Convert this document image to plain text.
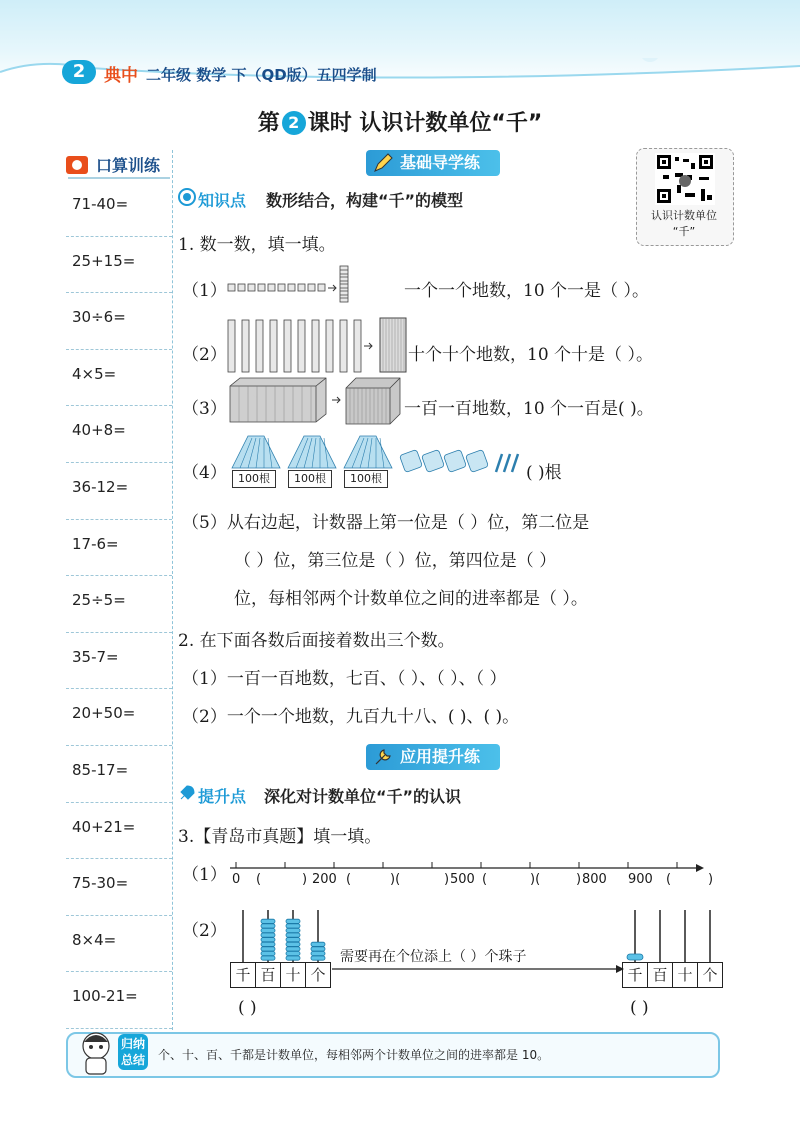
2	典中 二年级 数学 下（QD版）五四学制
第 2 课时 认识计数单位“千”
口算训练
71-40=
25+15=
30÷6=
4×5=
40+8=
36-12=
17-6=
25÷5=
35-7=
20+50=
85-17=
40+21=
75-30=
8×4=
100-21=
认识计数单位
“千”
基础导学练
知识点 数形结合，构建“千”的模型
1. 数一数，填一填。
（1）	一个一个地数，10 个一是（ ）。
（2）	十个十个地数，10 个十是（ ）。
（3）	一百一百地数，10 个一百是( )。
（4）	100根	100根	100根	( )根
（5）从右边起，计数器上第一位是（ ）位，第二位是
（ ）位，第三位是（ ）位，第四位是（ ）
位，每相邻两个计数单位之间的进率都是（ ）。
2. 在下面各数后面接着数出三个数。
（1）一百一百地数，七百、（ ）、（ ）、（ ）
（2）一个一个地数，九百九十八、( )、( )。
应用提升练
提升点 深化对计数单位“千”的认识
3.【青岛市真题】填一填。
（1） 0 (	) 200 (	)(	) 500 (	)(	) 800 900 (	)
（2）
千 百 十 个
( )
需要再在个位添上（ ）个珠子
千 百 十 个
( )
归纳总结 个、十、百、千都是计数单位，每相邻两个计数单位之间的进率都是 10。
